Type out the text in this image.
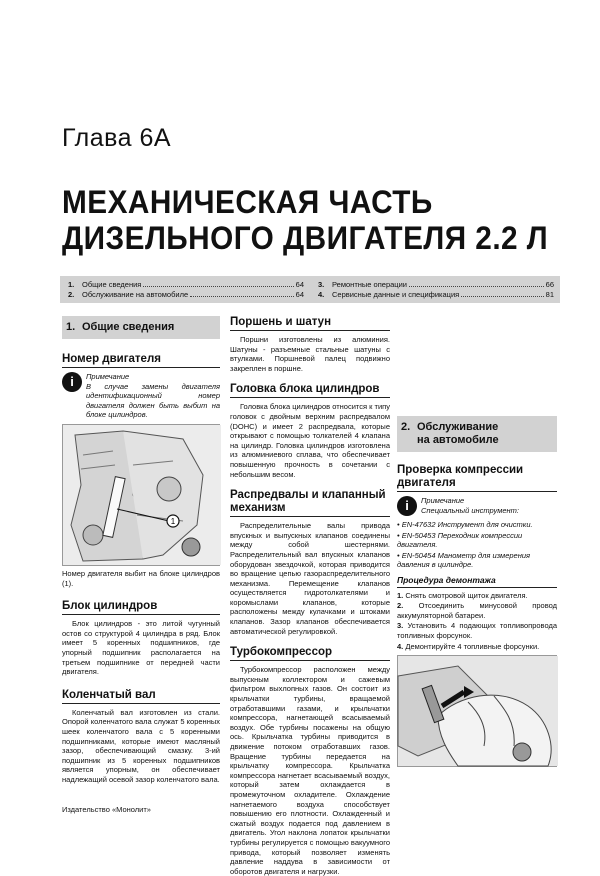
Глава 6А
МЕХАНИЧЕСКАЯ ЧАСТЬ
ДИЗЕЛЬНОГО ДВИГАТЕЛЯ 2.2 Л
1.	Общие сведения	64
2.	Обслуживание на автомобиле	64
3.	Ремонтные операции	66
4.	Сервисные данные и спецификация	81
1. Общие сведения
Номер двигателя
i	Примечание
В случае замены двигателя идентификационный номер двигателя должен быть выбит на блоке цилиндров.
1
Номер двигателя выбит на блоке цилиндров (1).
Блок цилиндров

Блок цилиндров - это литой чугунный остов со структурой 4 цилиндра в ряд. Блок имеет 5 коренных подшипников, где упорный подшипник располагается на третьем подшипнике от передней части двигателя.

Коленчатый вал

Коленчатый вал изготовлен из стали. Опорой коленчатого вала служат 5 коренных шеек коленчатого вала с 5 коренными подшипниками, которые имеют масляный зазор, обеспечивающий смазку. 3-ий подшипник из 5 коренных подшипников является упорным, он обеспечивает надлежащий осевой зазор коленчатого вала.

Поршень и шатун

Поршни изготовлены из алюминия. Шатуны - разъемные стальные шатуны с втулками. Поршневой палец подвижно закреплен в поршне.

Головка блока цилиндров

Головка блока цилиндров относится к типу головок с двойным верхним распредвалом (DOHC) и имеет 2 распредвала, которые открывают с помощью толкателей 4 клапана на цилиндр. Головка цилиндров изготовлена из алюминиевого сплава, что обеспечивает повышенную прочность в сочетании с небольшим весом.

Распредвалы и клапанный механизм

Распределительные валы привода впускных и выпускных клапанов соединены между собой шестернями. Распределительный вал впускных клапанов оборудован звездочкой, которая приводится во вращение цепью газораспределительного механизма. Перемещение клапанов осуществляется гидротолкателями и коромыслами клапанов, которые расположены между кулачками и штоками клапанов. Зазор клапанов обеспечивается автоматической регулировкой.

Турбокомпрессор

Турбокомпрессор расположен между выпускным коллектором и сажевым фильтром выхлопных газов. Он состоит из крыльчатки турбины, вращаемой отработавшими газами, и крыльчатки компрессора, нагнетающей всасываемый воздух. Обе турбины посажены на общую ось. Крыльчатка турбины приводится в движение потоком отработавших газов. Вращение турбины передается на крыльчатку компрессора. Крыльчатка компрессора нагнетает всасываемый воздух, который затем охлаждается в промежуточном охладителе. Охлаждение нагнетаемого воздуха способствует повышению его плотности. Охлажденный и сжатый воздух подается под давлением в двигатель. Угол наклона лопаток крыльчатки турбины регулируется с помощью вакуумного привода, который позволяет изменять давление наддува в зависимости от оборотов двигателя и нагрузки.

2. Обслуживание
на автомобиле
Проверка компрессии двигателя
i	Примечание
Специальный инструмент:
• EN-47632 Инструмент для очистки.
• EN-50453 Переходник компрессии двигателя.
• EN-50454 Манометр для измерения давления в цилиндре.
Процедура демонтажа
1. Снять смотровой щиток двигателя.
2. Отсоединить минусовой провод аккумуляторной батареи.
3. Установить 4 подающих топливопровода топливных форсунок.
4. Демонтируйте 4 топливные форсунки.
Издательство «Монолит»
